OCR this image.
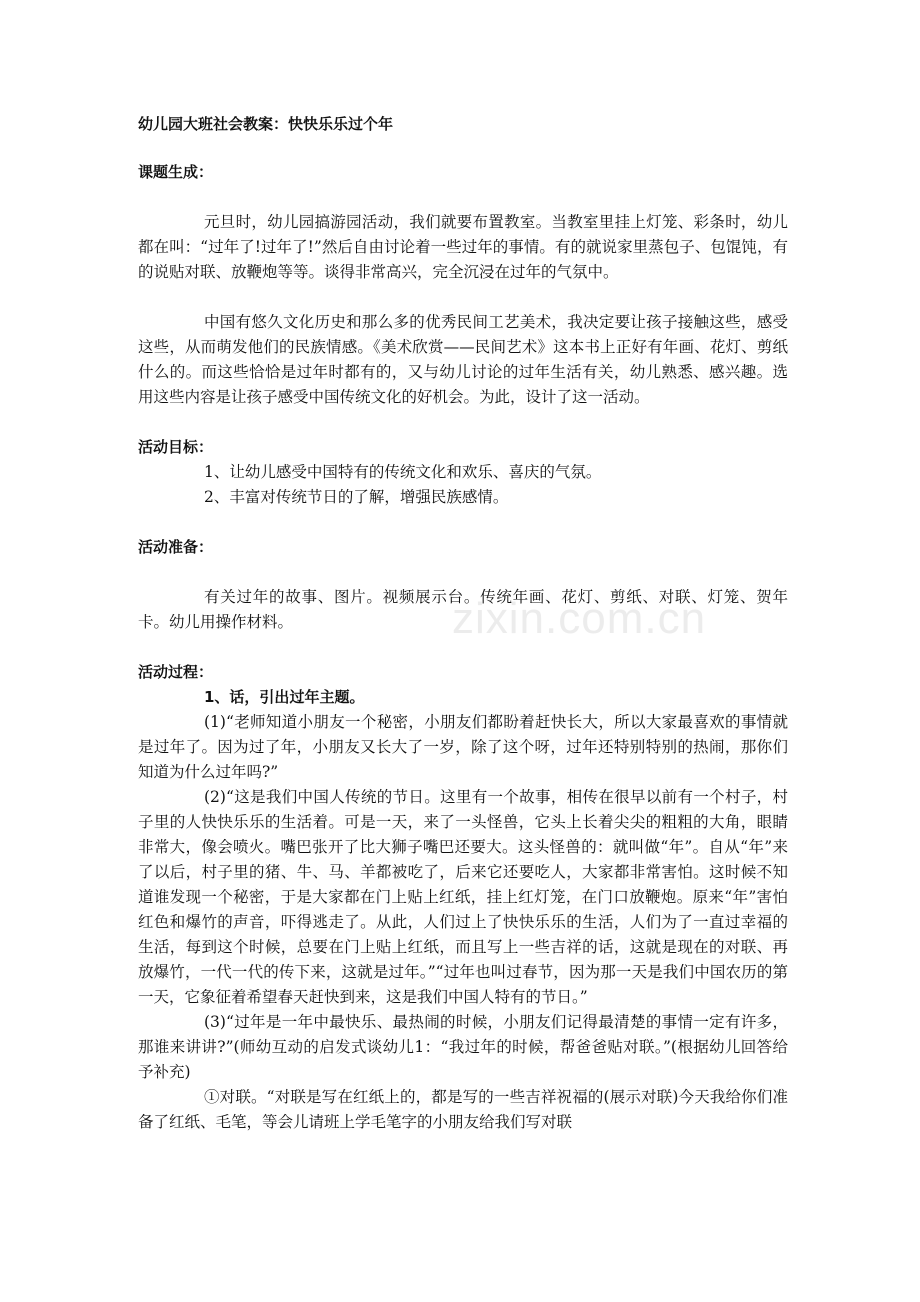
幼儿园大班社会教案：快快乐乐过个年

课题生成：

元旦时，幼儿园搞游园活动，我们就要布置教室。当教室里挂上灯笼、彩条时，幼儿都在叫：“过年了!过年了!”然后自由讨论着一些过年的事情。有的就说家里蒸包子、包馄饨，有的说贴对联、放鞭炮等等。谈得非常高兴，完全沉浸在过年的气氛中。

中国有悠久文化历史和那么多的优秀民间工艺美术，我决定要让孩子接触这些，感受这些，从而萌发他们的民族情感。《美术欣赏——民间艺术》这本书上正好有年画、花灯、剪纸什么的。而这些恰恰是过年时都有的，又与幼儿讨论的过年生活有关，幼儿熟悉、感兴趣。选用这些内容是让孩子感受中国传统文化的好机会。为此，设计了这一活动。

活动目标：

1、让幼儿感受中国特有的传统文化和欢乐、喜庆的气氛。

2、丰富对传统节日的了解，增强民族感情。

活动准备：

有关过年的故事、图片。视频展示台。传统年画、花灯、剪纸、对联、灯笼、贺年卡。幼儿用操作材料。

活动过程：

1、话，引出过年主题。

(1)“老师知道小朋友一个秘密，小朋友们都盼着赶快长大，所以大家最喜欢的事情就是过年了。因为过了年，小朋友又长大了一岁，除了这个呀，过年还特别特别的热闹，那你们知道为什么过年吗?”

(2)“这是我们中国人传统的节日。这里有一个故事，相传在很早以前有一个村子，村子里的人快快乐乐的生活着。可是一天，来了一头怪兽，它头上长着尖尖的粗粗的大角，眼睛非常大，像会喷火。嘴巴张开了比大狮子嘴巴还要大。这头怪兽的：就叫做“年”。自从“年”来了以后，村子里的猪、牛、马、羊都被吃了，后来它还要吃人，大家都非常害怕。这时候不知道谁发现一个秘密，于是大家都在门上贴上红纸，挂上红灯笼，在门口放鞭炮。原来“年”害怕红色和爆竹的声音，吓得逃走了。从此，人们过上了快快乐乐的生活，人们为了一直过幸福的生活，每到这个时候，总要在门上贴上红纸，而且写上一些吉祥的话，这就是现在的对联、再放爆竹，一代一代的传下来，这就是过年。”“过年也叫过春节，因为那一天是我们中国农历的第一天，它象征着希望春天赶快到来，这是我们中国人特有的节日。”

(3)“过年是一年中最快乐、最热闹的时候，小朋友们记得最清楚的事情一定有许多，那谁来讲讲?”(师幼互动的启发式谈幼儿1：“我过年的时候，帮爸爸贴对联。”(根据幼儿回答给予补充)

①对联。“对联是写在红纸上的，都是写的一些吉祥祝福的(展示对联)今天我给你们准备了红纸、毛笔，等会儿请班上学毛笔字的小朋友给我们写对联

zixin.com.cn
